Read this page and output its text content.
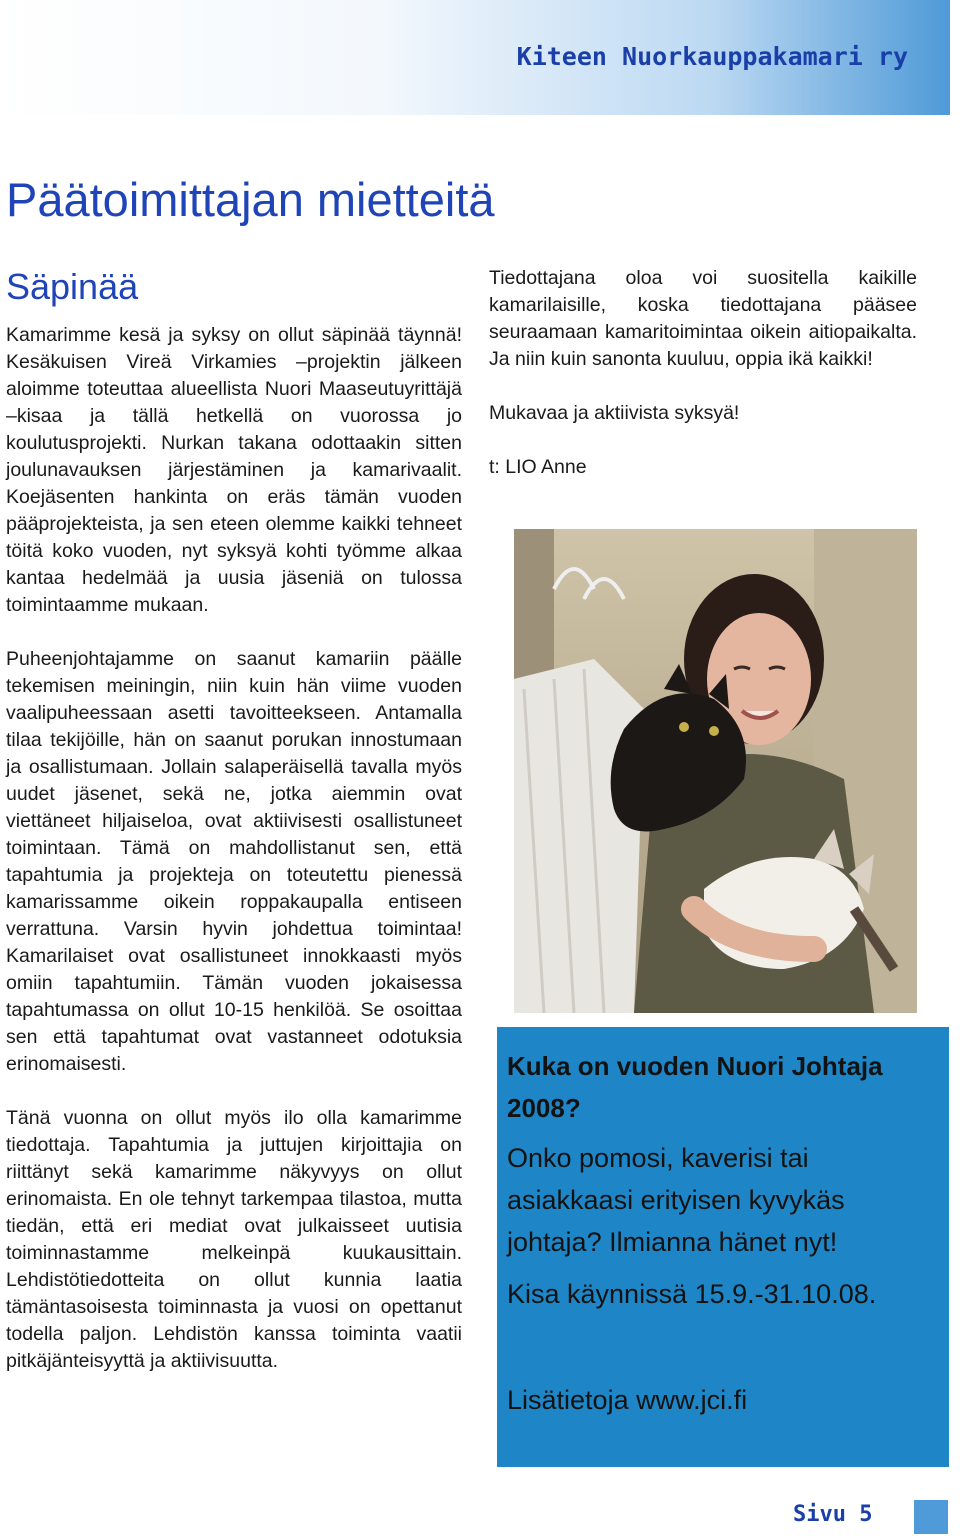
Kiteen Nuorkauppakamari ry
Päätoimittajan mietteitä
Säpinää

Kamarimme kesä ja syksy on ollut säpinää täynnä! Kesäkuisen Vireä Virkamies –projektin jälkeen aloimme toteuttaa alueellista Nuori Maaseutuyrittäjä –kisaa ja tällä hetkellä on vuorossa jo koulutusprojekti. Nurkan takana odottaakin sitten joulunavauksen järjestäminen ja kamarivaalit. Koejäsenten hankinta on eräs tämän vuoden pääprojekteista, ja sen eteen olemme kaikki tehneet töitä koko vuoden, nyt syksyä kohti työmme alkaa kantaa hedelmää ja uusia jäseniä on tulossa toimintaamme mukaan.

Puheenjohtajamme on saanut kamariin päälle tekemisen meiningin, niin kuin hän viime vuoden vaalipuheessaan asetti tavoitteekseen. Antamalla tilaa tekijöille, hän on saanut porukan innostumaan ja osallistumaan. Jollain salaperäisellä tavalla myös uudet jäsenet, sekä ne, jotka aiemmin ovat viettäneet hiljaiseloa, ovat aktiivisesti osallistuneet toimintaan. Tämä on mahdollistanut sen, että tapahtumia ja projekteja on toteutettu pienessä kamarissamme oikein roppakaupalla entiseen verrattuna. Varsin hyvin johdettua toimintaa! Kamarilaiset ovat osallistuneet innokkaasti myös omiin tapahtumiin. Tämän vuoden jokaisessa tapahtumassa on ollut 10-15 henkilöä. Se osoittaa sen että tapahtumat ovat vastanneet odotuksia erinomaisesti.

Tänä vuonna on ollut myös ilo olla kamarimme tiedottaja. Tapahtumia ja juttujen kirjoittajia on riittänyt sekä kamarimme näkyvyys on ollut erinomaista. En ole tehnyt tarkempaa tilastoa, mutta tiedän, että eri mediat ovat julkaisseet uutisia toiminnastamme melkeinpä kuukausittain. Lehdistötiedotteita on ollut kunnia laatia tämäntasoisesta toiminnasta ja vuosi on opettanut todella paljon. Lehdistön kanssa toiminta vaatii pitkäjänteisyyttä ja aktiivisuutta.

Tiedottajana oloa voi suositella kaikille kamarilaisille, koska tiedottajana pääsee seuraamaan kamaritoimintaa oikein aitiopaikalta. Ja niin kuin sanonta kuuluu, oppia ikä kaikki!

Mukavaa ja aktiivista syksyä!

t: LIO Anne

Kuka on vuoden Nuori Johtaja 2008?

Onko pomosi, kaverisi tai asiakkaasi erityisen kyvykäs johtaja? Ilmianna hänet nyt!

Kisa käynnissä 15.9.-31.10.08.

Lisätietoja www.jci.fi

Sivu 5
